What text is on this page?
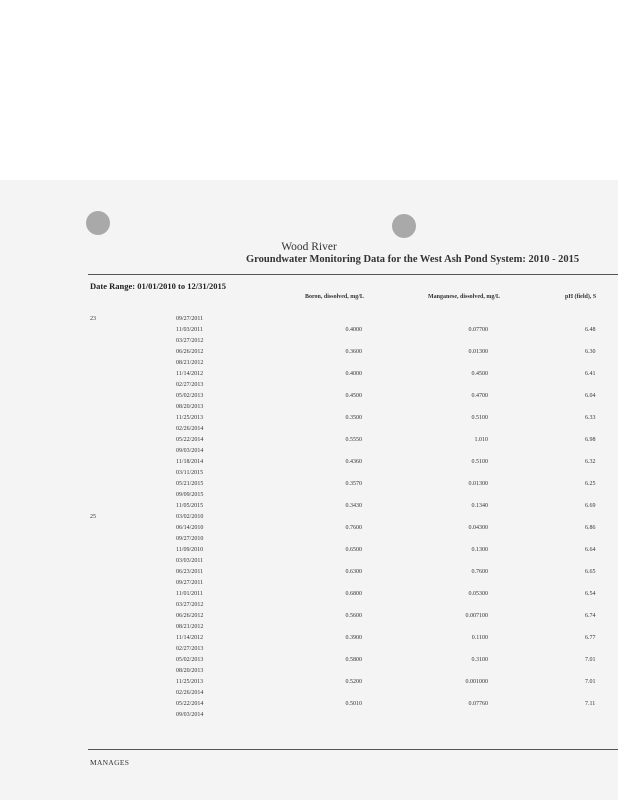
Wood River
Groundwater Monitoring Data for the West Ash Pond System: 2010 - 2015
Date Range: 01/01/2010 to 12/31/2015
Boron, dissolved, mg/L	Manganese, dissolved, mg/L	pH (field), S
23	09/27/2011
11/03/2011	0.4000	0.07700	6.48
03/27/2012
06/26/2012	0.3600	0.01300	6.30
08/21/2012
11/14/2012	0.4000	0.4500	6.41
02/27/2013
05/02/2013	0.4500	0.4700	6.04
08/20/2013
11/25/2013	0.3500	0.5100	6.33
02/26/2014
05/22/2014	0.5550	1.010	6.98
09/03/2014
11/18/2014	0.4360	0.5100	6.32
03/11/2015
05/21/2015	0.3570	0.01300	6.25
09/09/2015
11/05/2015	0.3430	0.1340	6.69
25	03/02/2010
06/14/2010	0.7600	0.04300	6.86
09/27/2010
11/09/2010	0.6500	0.1300	6.64
03/03/2011
06/23/2011	0.6300	0.7600	6.65
09/27/2011
11/01/2011	0.6800	0.05300	6.54
03/27/2012
06/26/2012	0.5600	0.007100	6.74
08/21/2012
11/14/2012	0.3900	0.1100	6.77
02/27/2013
05/02/2013	0.5800	0.3100	7.01
08/20/2013
11/25/2013	0.5200	0.001000	7.01
02/26/2014
05/22/2014	0.5010	0.07760	7.11
09/03/2014
MANAGES
